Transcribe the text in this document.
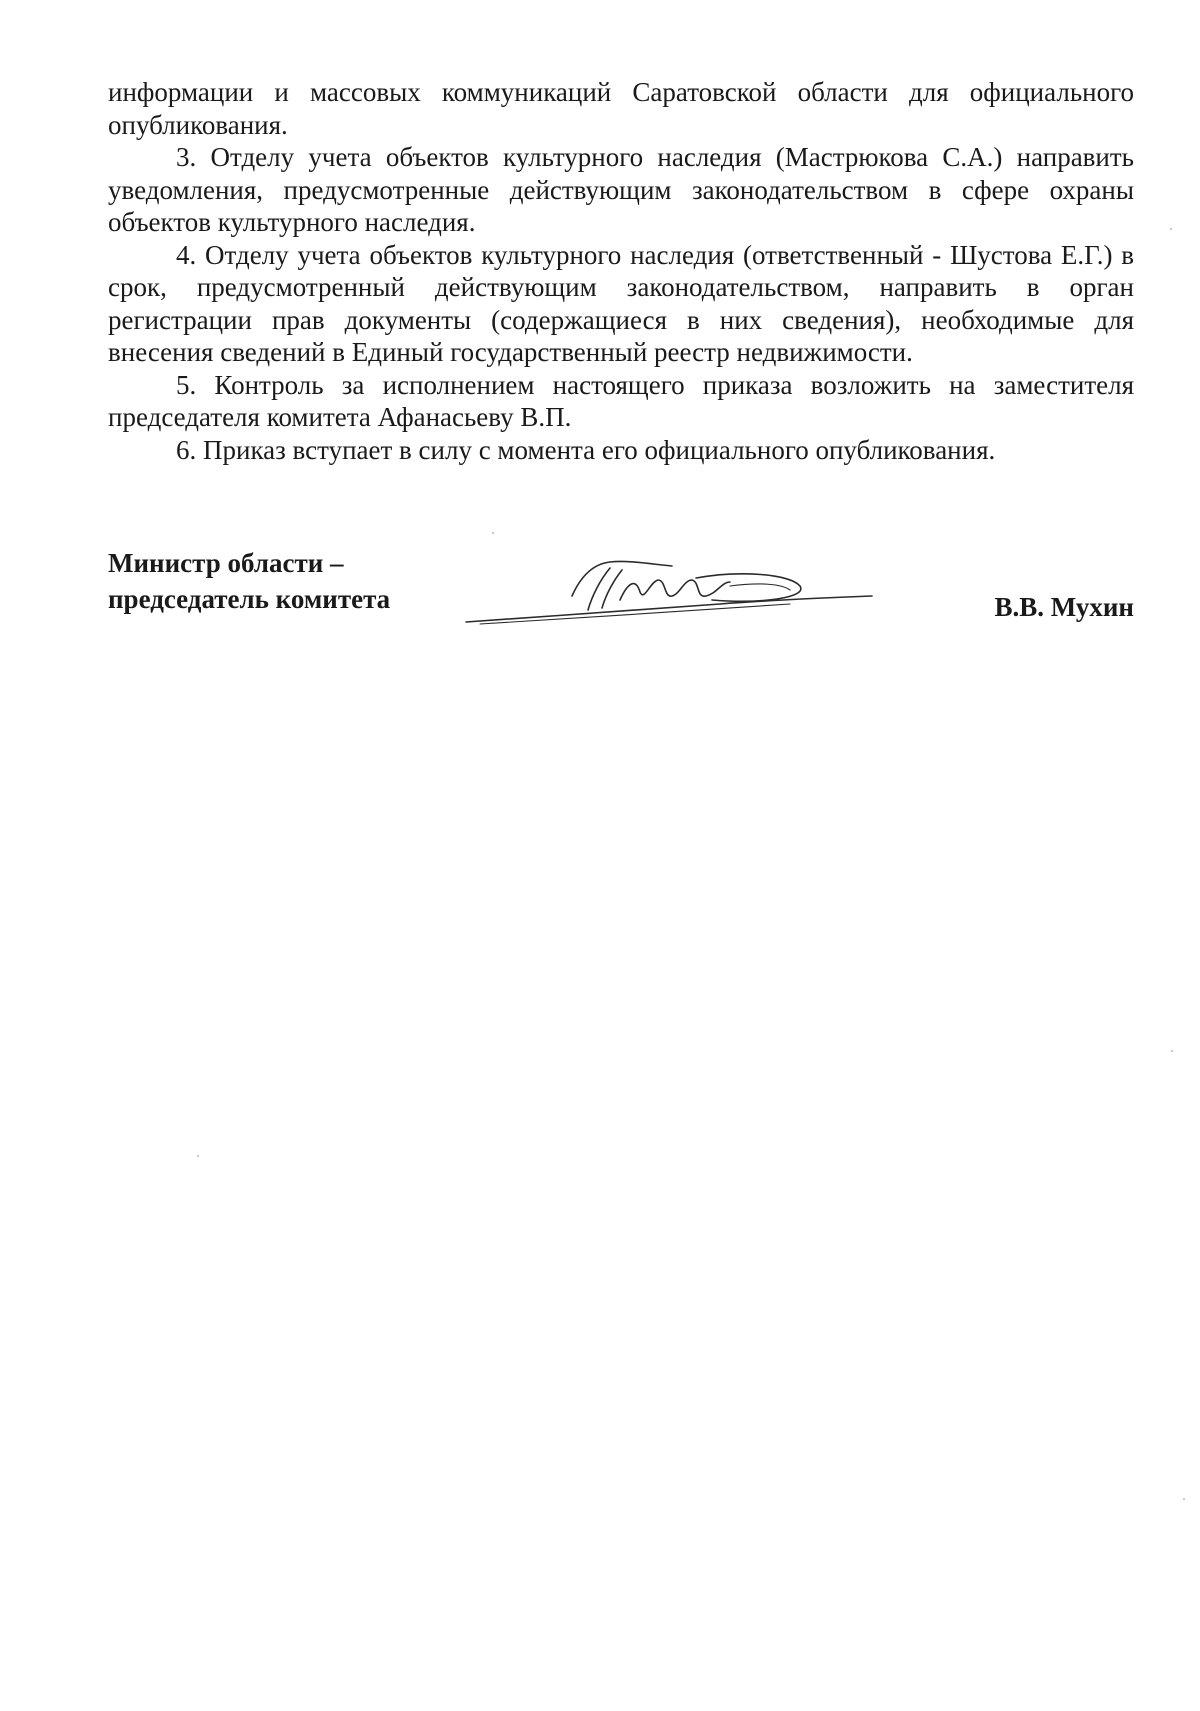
информации и массовых коммуникаций Саратовской области для официального опубликования.

3. Отделу учета объектов культурного наследия (Мастрюкова С.А.) направить уведомления, предусмотренные действующим законодательством в сфере охраны объектов культурного наследия.

4. Отделу учета объектов культурного наследия (ответственный - Шустова Е.Г.) в срок, предусмотренный действующим законодательством, направить в орган регистрации прав документы (содержащиеся в них сведения), необходимые для внесения сведений в Единый государственный реестр недвижимости.

5. Контроль за исполнением настоящего приказа возложить на заместителя председателя комитета Афанасьеву В.П.

6. Приказ вступает в силу с момента его официального опубликования.

Министр области –
председатель комитета	В.В. Мухин
